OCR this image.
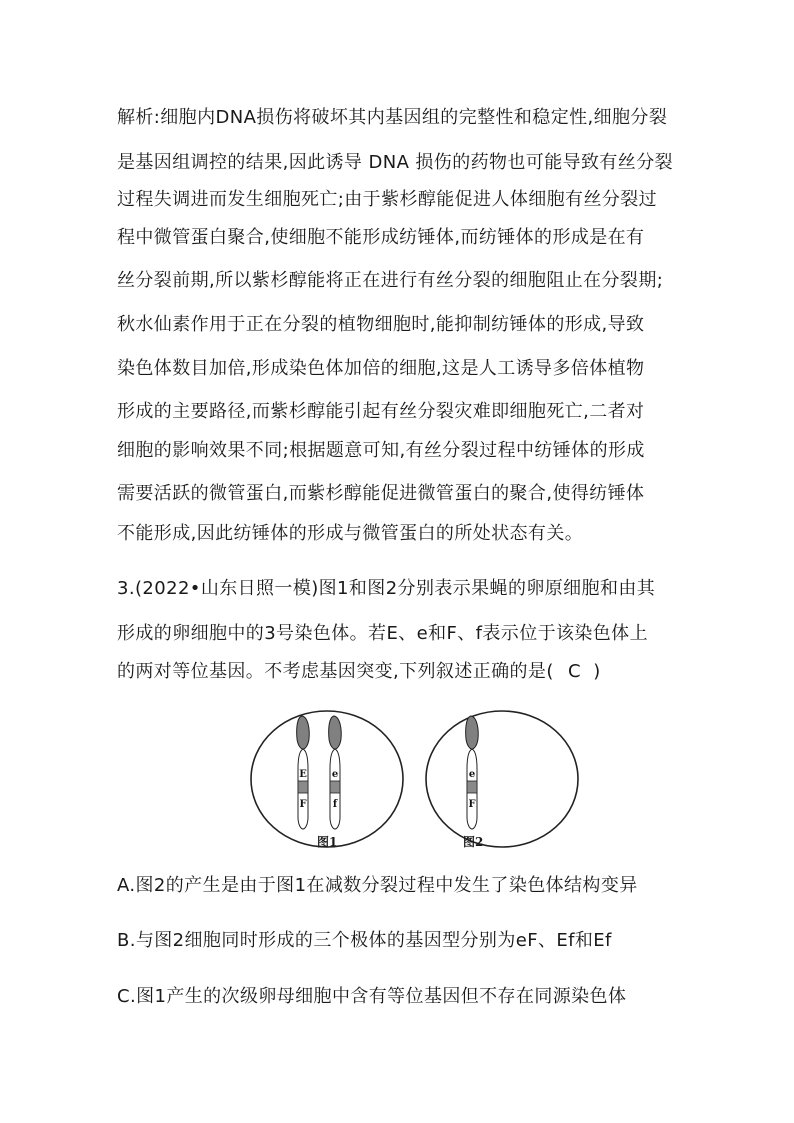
解析:细胞内DNA损伤将破坏其内基因组的完整性和稳定性,细胞分裂
是基因组调控的结果,因此诱导 DNA 损伤的药物也可能导致有丝分裂
过程失调进而发生细胞死亡;由于紫杉醇能促进人体细胞有丝分裂过
程中微管蛋白聚合,使细胞不能形成纺锤体,而纺锤体的形成是在有
丝分裂前期,所以紫杉醇能将正在进行有丝分裂的细胞阻止在分裂期;
秋水仙素作用于正在分裂的植物细胞时,能抑制纺锤体的形成,导致
染色体数目加倍,形成染色体加倍的细胞,这是人工诱导多倍体植物
形成的主要路径,而紫杉醇能引起有丝分裂灾难即细胞死亡,二者对
细胞的影响效果不同;根据题意可知,有丝分裂过程中纺锤体的形成
需要活跃的微管蛋白,而紫杉醇能促进微管蛋白的聚合,使得纺锤体
不能形成,因此纺锤体的形成与微管蛋白的所处状态有关。
3.(2022•山东日照一模)图1和图2分别表示果蝇的卵原细胞和由其
形成的卵细胞中的3号染色体。若E、e和F、f表示位于该染色体上
的两对等位基因。不考虑基因突变,下列叙述正确的是(  C  )
E
F
e
f
e
F
图1	图2
A.图2的产生是由于图1在减数分裂过程中发生了染色体结构变异
B.与图2细胞同时形成的三个极体的基因型分别为eF、Ef和Ef
C.图1产生的次级卵母细胞中含有等位基因但不存在同源染色体
